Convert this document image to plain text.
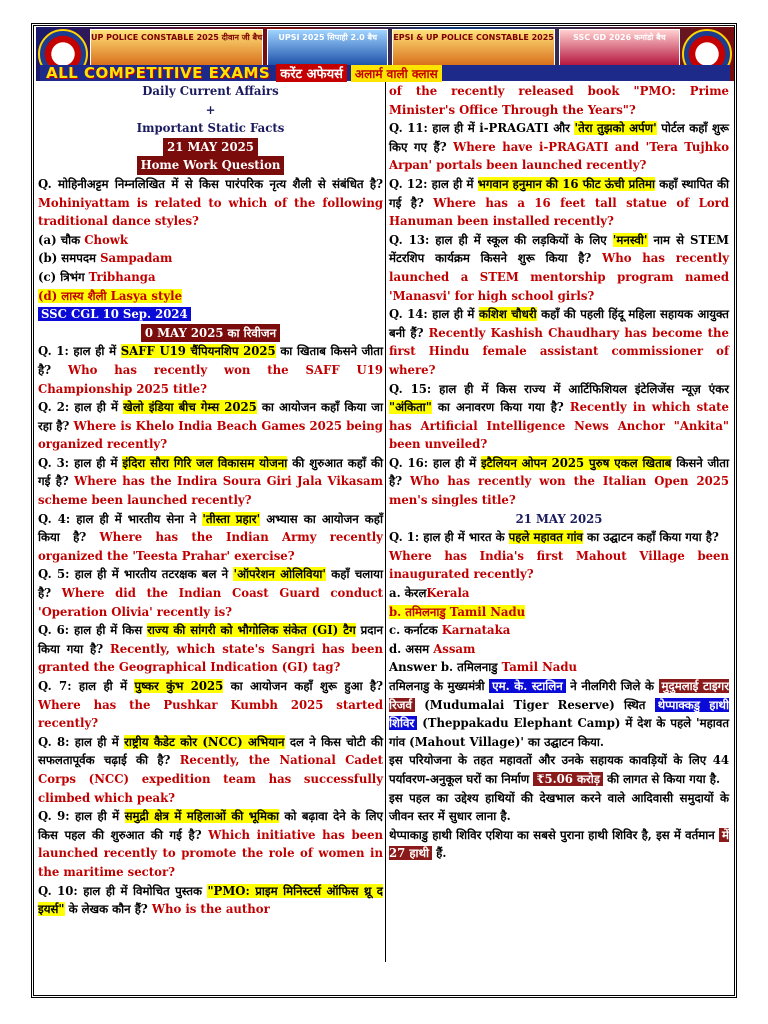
UP POLICE CONSTABLE 2025 दीवान जी बैच	UPSI 2025 सिपाही 2.0 बैच	EPSI & UP POLICE CONSTABLE 2025	SSC GD 2026 कमांडो बैच
ALL COMPETITIVE EXAMS करेंट अफेयर्स	अलार्म वाली क्लास

Daily Current Affairs

+

Important Static Facts

21 MAY 2025

Home Work Question

Q. मोहिनीअट्टम निम्नलिखित में से किस पारंपरिक नृत्य शैली से संबंधित है? Mohiniyattam is related to which of the following traditional dance styles?

(a) चौक Chowk

(b) समपदम Sampadam

(c) त्रिभंग Tribhanga

(d) लास्य शैली Lasya style

SSC CGL 10 Sep. 2024

0 MAY 2025 का रिवीजन

Q. 1: हाल ही में SAFF U19 चैंपियनशिप 2025 का खिताब किसने जीता है? Who has recently won the SAFF U19 Championship 2025 title?

Q. 2: हाल ही में खेलो इंडिया बीच गेम्स 2025 का आयोजन कहाँ किया जा रहा है? Where is Khelo India Beach Games 2025 being organized recently?

Q. 3: हाल ही में इंदिरा सौरा गिरि जल विकासम योजना की शुरुआत कहाँ की गई है? Where has the Indira Soura Giri Jala Vikasam scheme been launched recently?

Q. 4: हाल ही में भारतीय सेना ने 'तीस्ता प्रहार' अभ्यास का आयोजन कहाँ किया है? Where has the Indian Army recently organized the 'Teesta Prahar' exercise?

Q. 5: हाल ही में भारतीय तटरक्षक बल ने 'ऑपरेशन ओलिविया' कहाँ चलाया है? Where did the Indian Coast Guard conduct 'Operation Olivia' recently is?

Q. 6: हाल ही में किस राज्य की सांगरी को भौगोलिक संकेत (GI) टैग प्रदान किया गया है? Recently, which state's Sangri has been granted the Geographical Indication (GI) tag?

Q. 7: हाल ही में पुष्कर कुंभ 2025 का आयोजन कहाँ शुरू हुआ है? Where has the Pushkar Kumbh 2025 started recently?

Q. 8: हाल ही में राष्ट्रीय कैडेट कोर (NCC) अभियान दल ने किस चोटी की सफलतापूर्वक चढ़ाई की है? Recently, the National Cadet Corps (NCC) expedition team has successfully climbed which peak?

Q. 9: हाल ही में समुद्री क्षेत्र में महिलाओं की भूमिका को बढ़ावा देने के लिए किस पहल की शुरुआत की गई है? Which initiative has been launched recently to promote the role of women in the maritime sector?

Q. 10: हाल ही में विमोचित पुस्तक "PMO: प्राइम मिनिस्टर्स ऑफिस थ्रू द इयर्स" के लेखक कौन हैं? Who is the author

of the recently released book "PMO: Prime Minister's Office Through the Years"?

Q. 11: हाल ही में i-PRAGATI और 'तेरा तुझको अर्पण' पोर्टल कहाँ शुरू किए गए हैं? Where have i-PRAGATI and 'Tera Tujhko Arpan' portals been launched recently?

Q. 12: हाल ही में भगवान हनुमान की 16 फीट ऊंची प्रतिमा कहाँ स्थापित की गई है? Where has a 16 feet tall statue of Lord Hanuman been installed recently?

Q. 13: हाल ही में स्कूल की लड़कियों के लिए 'मनस्वी' नाम से STEM मेंटरशिप कार्यक्रम किसने शुरू किया है? Who has recently launched a STEM mentorship program named 'Manasvi' for high school girls?

Q. 14: हाल ही में कशिश चौधरी कहाँ की पहली हिंदू महिला सहायक आयुक्त बनी हैं? Recently Kashish Chaudhary has become the first Hindu female assistant commissioner of where?

Q. 15: हाल ही में किस राज्य में आर्टिफिशियल इंटेलिजेंस न्यूज़ एंकर "अंकिता" का अनावरण किया गया है? Recently in which state has Artificial Intelligence News Anchor "Ankita" been unveiled?

Q. 16: हाल ही में इटैलियन ओपन 2025 पुरुष एकल खिताब किसने जीता है? Who has recently won the Italian Open 2025 men's singles title?

21 MAY 2025

Q. 1: हाल ही में भारत के पहले महावत गांव का उद्घाटन कहाँ किया गया है?

Where has India's first Mahout Village been inaugurated recently?

a. केरलKerala

b. तमिलनाडु Tamil Nadu

c. कर्नाटक Karnataka

d. असम Assam

Answer b. तमिलनाडु Tamil Nadu

तमिलनाडु के मुख्यमंत्री एम. के. स्टालिन ने नीलगिरी जिले के मुदुमलाई टाइगर रिजर्व (Mudumalai Tiger Reserve) स्थित थेप्पाक्कडु हाथी शिविर (Theppakadu Elephant Camp) में देश के पहले 'महावत गांव (Mahout Village)' का उद्घाटन किया.

इस परियोजना के तहत महावतों और उनके सहायक कावड़ियों के लिए 44 पर्यावरण-अनुकूल घरों का निर्माण ₹5.06 करोड़ की लागत से किया गया है.

इस पहल का उद्देश्य हाथियों की देखभाल करने वाले आदिवासी समुदायों के जीवन स्तर में सुधार लाना है.

थेप्पाकाडु हाथी शिविर एशिया का सबसे पुराना हाथी शिविर है, इस में वर्तमान में 27 हाथी हैं.
